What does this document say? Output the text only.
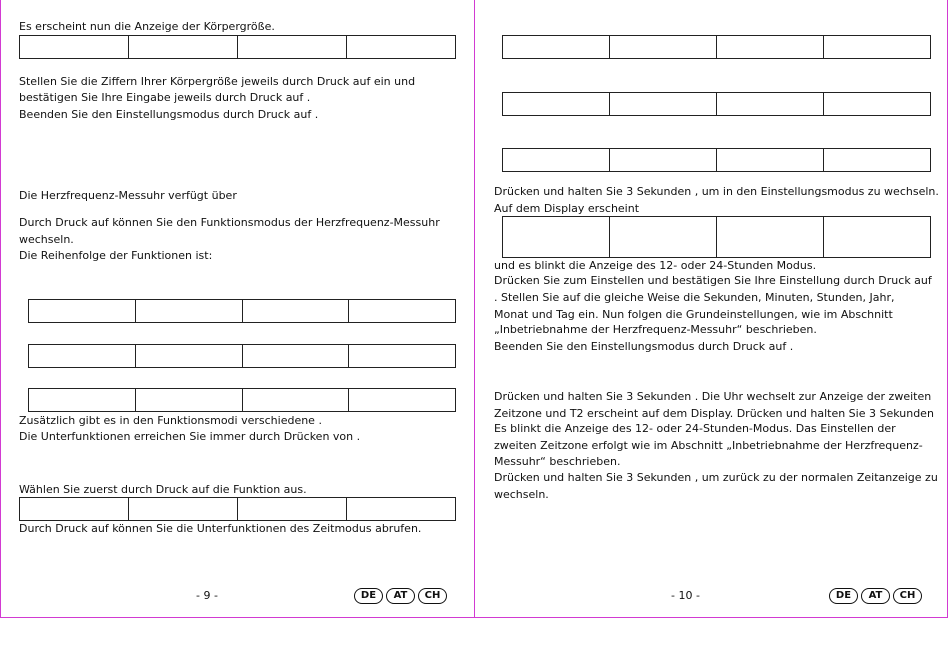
Es erscheint nun die Anzeige der Körpergröße.
Stellen Sie die Ziffern Ihrer Körpergröße jeweils durch Druck auf ein und
bestätigen Sie Ihre Eingabe jeweils durch Druck auf .
Beenden Sie den Einstellungsmodus durch Druck auf .
Die Herzfrequenz-Messuhr verfügt über
Durch Druck auf können Sie den Funktionsmodus der Herzfrequenz-Messuhr
wechseln.
Die Reihenfolge der Funktionen ist:
Zusätzlich gibt es in den Funktionsmodi verschiedene .
Die Unterfunktionen erreichen Sie immer durch Drücken von .
Wählen Sie zuerst durch Druck auf die Funktion aus.
Durch Druck auf können Sie die Unterfunktionen des Zeitmodus abrufen.
- 9 -	DE	AT	CH
Drücken und halten Sie 3 Sekunden , um in den Einstellungsmodus zu wechseln.
Auf dem Display erscheint
und es blinkt die Anzeige des 12- oder 24-Stunden Modus.
Drücken Sie zum Einstellen und bestätigen Sie Ihre Einstellung durch Druck auf
. Stellen Sie auf die gleiche Weise die Sekunden, Minuten, Stunden, Jahr,
Monat und Tag ein. Nun folgen die Grundeinstellungen, wie im Abschnitt
„Inbetriebnahme der Herzfrequenz-Messuhr“ beschrieben.
Beenden Sie den Einstellungsmodus durch Druck auf .
Drücken und halten Sie 3 Sekunden . Die Uhr wechselt zur Anzeige der zweiten
Zeitzone und T2 erscheint auf dem Display. Drücken und halten Sie 3 Sekunden
Es blinkt die Anzeige des 12- oder 24-Stunden-Modus. Das Einstellen der
zweiten Zeitzone erfolgt wie im Abschnitt „Inbetriebnahme der Herzfrequenz-
Messuhr“ beschrieben.
Drücken und halten Sie 3 Sekunden , um zurück zu der normalen Zeitanzeige zu
wechseln.
- 10 -	DE	AT	CH
